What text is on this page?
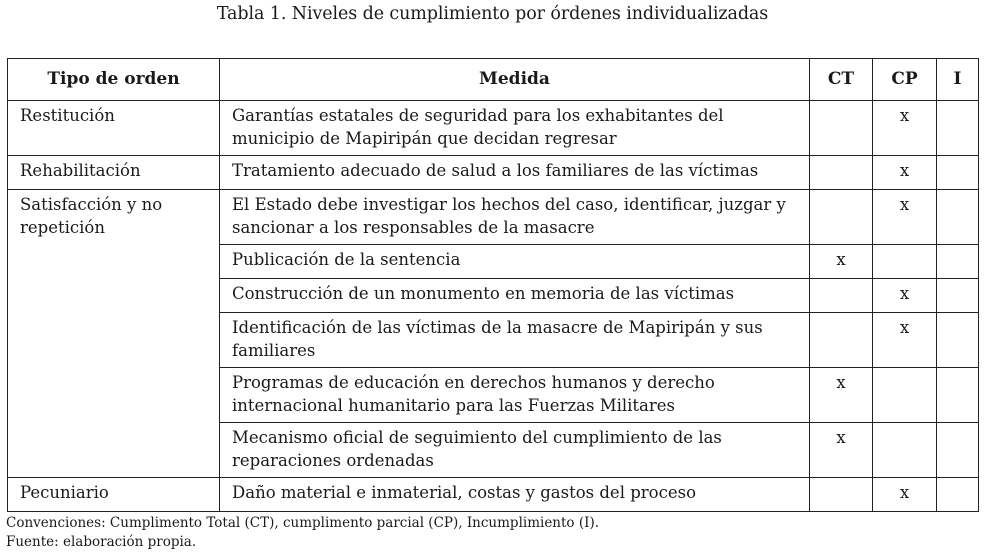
Tabla 1. Niveles de cumplimiento por órdenes individualizadas
Tipo de orden	Medida	CT	CP	I
Restitución	Garantías estatales de seguridad para los exhabitantes del municipio de Mapiripán que decidan regresar		x	
Rehabilitación	Tratamiento adecuado de salud a los familiares de las víctimas		x	
Satisfacción y no repetición	El Estado debe investigar los hechos del caso, identificar, juzgar y sancionar a los responsables de la masacre		x	
	Publicación de la sentencia	x		
	Construcción de un monumento en memoria de las víctimas		x	
	Identificación de las víctimas de la masacre de Mapiripán y sus familiares		x	
	Programas de educación en derechos humanos y derecho internacional humanitario para las Fuerzas Militares	x		
	Mecanismo oficial de seguimiento del cumplimiento de las reparaciones ordenadas	x		
Pecuniario	Daño material e inmaterial, costas y gastos del proceso		x	
Convenciones: Cumplimento Total (CT), cumplimento parcial (CP), Incumplimiento (I).
Fuente: elaboración propia.
